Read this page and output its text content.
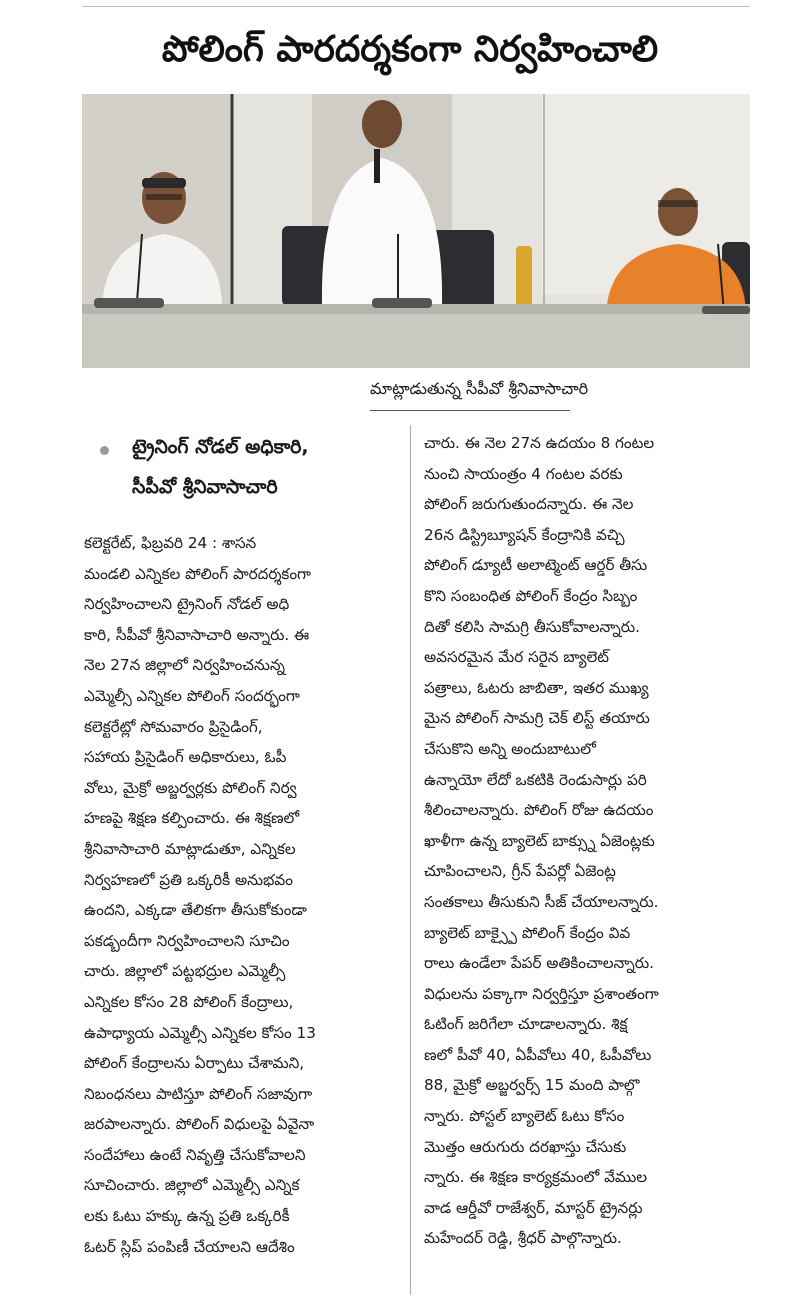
పోలింగ్ పారదర్శకంగా నిర్వహించాలి
మాట్లాడుతున్న సీపీవో శ్రీనివాసాచారి
ట్రైనింగ్ నోడల్ అధికారి,
సీపీవో శ్రీనివాసాచారి
కలెక్టరేట్, ఫిబ్రవరి 24 : శాసన
మండలి ఎన్నికల పోలింగ్ పారదర్శకంగా
నిర్వహించాలని ట్రైనింగ్ నోడల్ అధి
కారి, సీపీవో శ్రీనివాసాచారి అన్నారు. ఈ
నెల 27న జిల్లాలో నిర్వహించనున్న
ఎమ్మెల్సీ ఎన్నికల పోలింగ్ సందర్భంగా
కలెక్టరేట్లో సోమవారం ప్రిసైడింగ్,
సహాయ ప్రిసైడింగ్ అధికారులు, ఓపీ
వోలు, మైక్రో అబ్జర్వర్లకు పోలింగ్ నిర్వ
హణపై శిక్షణ కల్పించారు. ఈ శిక్షణలో
శ్రీనివాసాచారి మాట్లాడుతూ, ఎన్నికల
నిర్వహణలో ప్రతి ఒక్కరికీ అనుభవం
ఉందని, ఎక్కడా తేలికగా తీసుకోకుండా
పకడ్బందీగా నిర్వహించాలని సూచిం
చారు. జిల్లాలో పట్టభద్రుల ఎమ్మెల్సీ
ఎన్నికల కోసం 28 పోలింగ్ కేంద్రాలు,
ఉపాధ్యాయ ఎమ్మెల్సీ ఎన్నికల కోసం 13
పోలింగ్ కేంద్రాలను ఏర్పాటు చేశామని,
నిబంధనలు పాటిస్తూ పోలింగ్ సజావుగా
జరపాలన్నారు. పోలింగ్ విధులపై ఏవైనా
సందేహాలు ఉంటే నివృత్తి చేసుకోవాలని
సూచించారు. జిల్లాలో ఎమ్మెల్సీ ఎన్నిక
లకు ఓటు హక్కు ఉన్న ప్రతి ఒక్కరికీ
ఓటర్ స్లిప్ పంపిణీ చేయాలని ఆదేశిం
చారు. ఈ నెల 27న ఉదయం 8 గంటల
నుంచి సాయంత్రం 4 గంటల వరకు
పోలింగ్ జరుగుతుందన్నారు. ఈ నెల
26న డిస్ట్రిబ్యూషన్ కేంద్రానికి వచ్చి
పోలింగ్ డ్యూటీ అలాట్మెంట్ ఆర్డర్ తీసు
కొని సంబంధిత పోలింగ్ కేంద్రం సిబ్బం
దితో కలిసి సామగ్రి తీసుకోవాలన్నారు.
అవసరమైన మేర సరైన బ్యాలెట్
పత్రాలు, ఓటరు జాబితా, ఇతర ముఖ్య
మైన పోలింగ్ సామగ్రి చెక్ లిస్ట్ తయారు
చేసుకొని అన్ని అందుబాటులో
ఉన్నాయో లేదో ఒకటికి రెండుసార్లు పరి
శీలించాలన్నారు. పోలింగ్ రోజు ఉదయం
ఖాళీగా ఉన్న బ్యాలెట్ బాక్స్ను ఏజెంట్లకు
చూపించాలని, గ్రీన్ పేపర్లో ఏజెంట్ల
సంతకాలు తీసుకుని సీజ్ చేయాలన్నారు.
బ్యాలెట్ బాక్స్పై పోలింగ్ కేంద్రం వివ
రాలు ఉండేలా పేపర్ అతికించాలన్నారు.
విధులను పక్కాగా నిర్వర్తిస్తూ ప్రశాంతంగా
ఓటింగ్ జరిగేలా చూడాలన్నారు. శిక్ష
ణలో పీవో 40, ఏపీవోలు 40, ఓపీవోలు
88, మైక్రో అబ్జర్వర్స్ 15 మంది పాల్గొ
న్నారు. పోస్టల్ బ్యాలెట్ ఓటు కోసం
మొత్తం ఆరుగురు దరఖాస్తు చేసుకు
న్నారు. ఈ శిక్షణ కార్యక్రమంలో వేముల
వాడ ఆర్డీవో రాజేశ్వర్, మాస్టర్ ట్రైనర్లు
మహేందర్ రెడ్డి, శ్రీధర్ పాల్గొన్నారు.
